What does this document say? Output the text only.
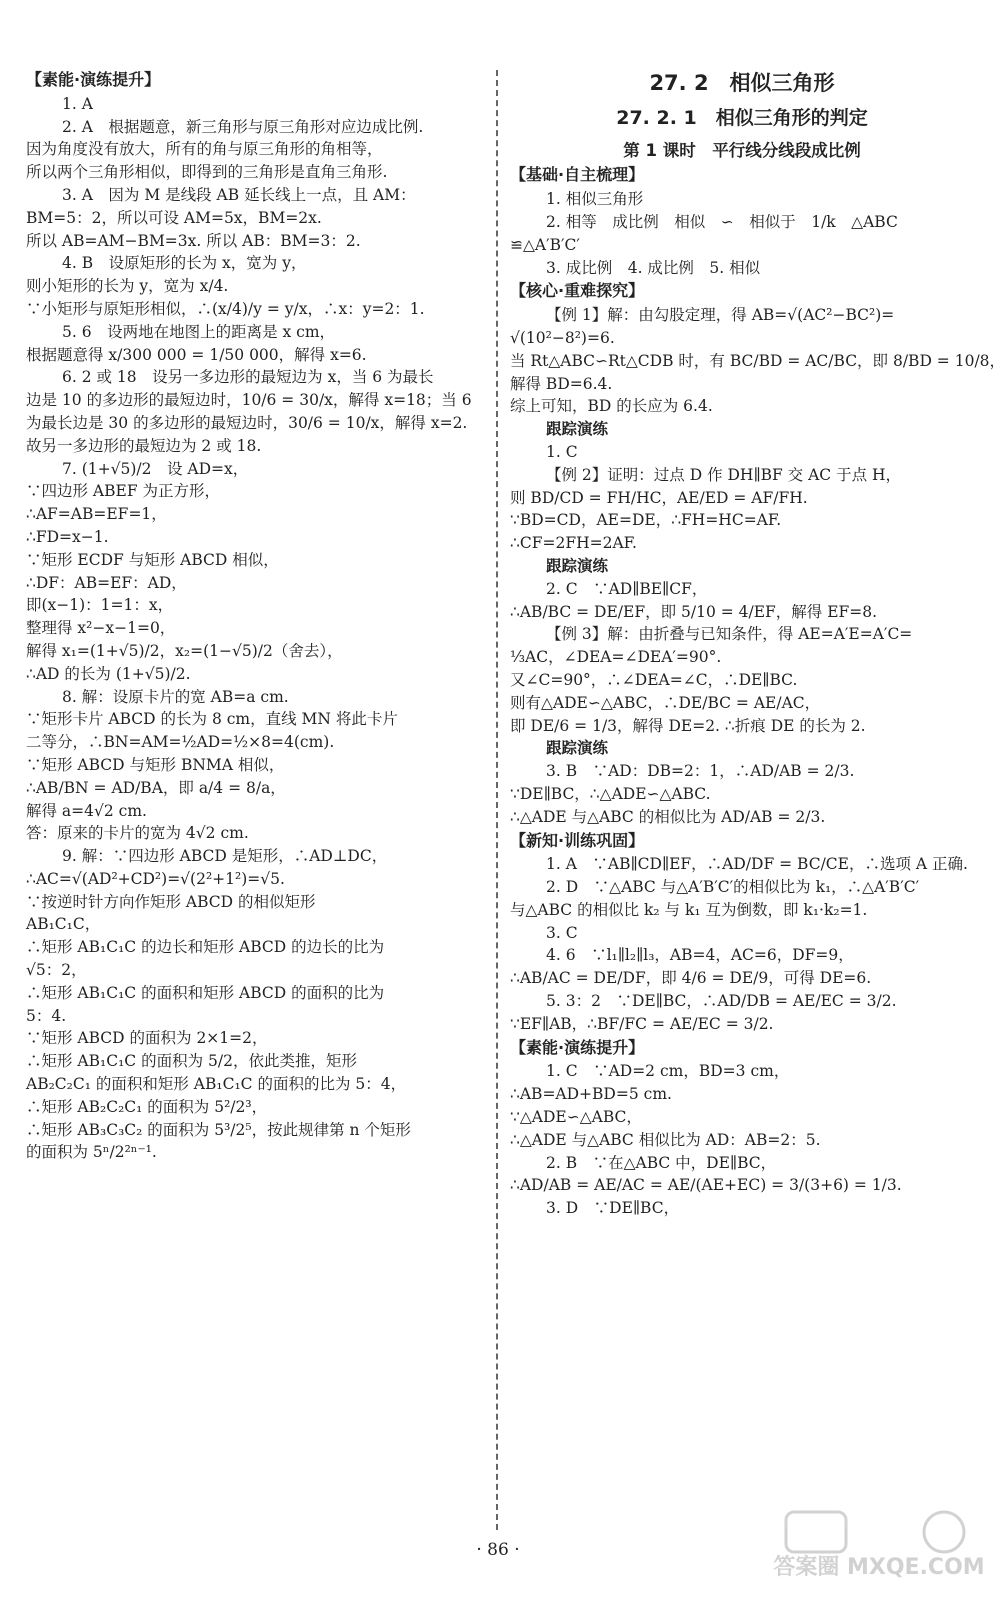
【素能·演练提升】
1. A
2. A　根据题意，新三角形与原三角形对应边成比例.
因为角度没有放大，所有的角与原三角形的角相等，
所以两个三角形相似，即得到的三角形是直角三角形.
3. A　因为 M 是线段 AB 延长线上一点，且 AM：
BM=5：2，所以可设 AM=5x，BM=2x.
所以 AB=AM−BM=3x. 所以 AB：BM=3：2.
4. B　设原矩形的长为 x，宽为 y，
则小矩形的长为 y，宽为 x/4.
∵小矩形与原矩形相似，∴(x/4)/y = y/x，∴x：y=2：1.
5. 6　设两地在地图上的距离是 x cm，
根据题意得 x/300 000 = 1/50 000，解得 x=6.
6. 2 或 18　设另一多边形的最短边为 x，当 6 为最长
边是 10 的多边形的最短边时，10/6 = 30/x，解得 x=18；当 6
为最长边是 30 的多边形的最短边时，30/6 = 10/x，解得 x=2.
故另一多边形的最短边为 2 或 18.
7. (1+√5)/2　设 AD=x，
∵四边形 ABEF 为正方形，
∴AF=AB=EF=1，
∴FD=x−1.
∵矩形 ECDF 与矩形 ABCD 相似，
∴DF：AB=EF：AD，
即(x−1)：1=1：x，
整理得 x²−x−1=0，
解得 x₁=(1+√5)/2，x₂=(1−√5)/2（舍去），
∴AD 的长为 (1+√5)/2.
8. 解：设原卡片的宽 AB=a cm.
∵矩形卡片 ABCD 的长为 8 cm，直线 MN 将此卡片
二等分，∴BN=AM=½AD=½×8=4(cm).
∵矩形 ABCD 与矩形 BNMA 相似，
∴AB/BN = AD/BA，即 a/4 = 8/a，
解得 a=4√2 cm.
答：原来的卡片的宽为 4√2 cm.
9. 解：∵四边形 ABCD 是矩形，∴AD⊥DC，
∴AC=√(AD²+CD²)=√(2²+1²)=√5.
∵按逆时针方向作矩形 ABCD 的相似矩形
AB₁C₁C，
∴矩形 AB₁C₁C 的边长和矩形 ABCD 的边长的比为
√5：2，
∴矩形 AB₁C₁C 的面积和矩形 ABCD 的面积的比为
5：4.
∵矩形 ABCD 的面积为 2×1=2，
∴矩形 AB₁C₁C 的面积为 5/2，依此类推，矩形
AB₂C₂C₁ 的面积和矩形 AB₁C₁C 的面积的比为 5：4，
∴矩形 AB₂C₂C₁ 的面积为 5²/2³，
∴矩形 AB₃C₃C₂ 的面积为 5³/2⁵，按此规律第 n 个矩形
的面积为 5ⁿ/2²ⁿ⁻¹.
27. 2　相似三角形
27. 2. 1　相似三角形的判定
第 1 课时　平行线分线段成比例
【基础·自主梳理】
1. 相似三角形
2. 相等　成比例　相似　∽　相似于　1/k　△ABC
≌△A′B′C′
3. 成比例　4. 成比例　5. 相似
【核心·重难探究】
【例 1】解：由勾股定理，得 AB=√(AC²−BC²)=
√(10²−8²)=6.
当 Rt△ABC∽Rt△CDB 时，有 BC/BD = AC/BC，即 8/BD = 10/8，
解得 BD=6.4.
综上可知，BD 的长应为 6.4.
跟踪演练
1. C
【例 2】证明：过点 D 作 DH∥BF 交 AC 于点 H，
则 BD/CD = FH/HC，AE/ED = AF/FH.
∵BD=CD，AE=DE，∴FH=HC=AF.
∴CF=2FH=2AF.
跟踪演练
2. C　∵AD∥BE∥CF，
∴AB/BC = DE/EF，即 5/10 = 4/EF，解得 EF=8.
【例 3】解：由折叠与已知条件，得 AE=A′E=A′C=
⅓AC，∠DEA=∠DEA′=90°.
又∠C=90°，∴∠DEA=∠C，∴DE∥BC.
则有△ADE∽△ABC，∴DE/BC = AE/AC，
即 DE/6 = 1/3，解得 DE=2. ∴折痕 DE 的长为 2.
跟踪演练
3. B　∵AD：DB=2：1，∴AD/AB = 2/3.
∵DE∥BC，∴△ADE∽△ABC.
∴△ADE 与△ABC 的相似比为 AD/AB = 2/3.
【新知·训练巩固】
1. A　∵AB∥CD∥EF，∴AD/DF = BC/CE，∴选项 A 正确.
2. D　∵△ABC 与△A′B′C′的相似比为 k₁，∴△A′B′C′
与△ABC 的相似比 k₂ 与 k₁ 互为倒数，即 k₁·k₂=1.
3. C
4. 6　∵l₁∥l₂∥l₃，AB=4，AC=6，DF=9，
∴AB/AC = DE/DF，即 4/6 = DE/9，可得 DE=6.
5. 3：2　∵DE∥BC，∴AD/DB = AE/EC = 3/2.
∵EF∥AB，∴BF/FC = AE/EC = 3/2.
【素能·演练提升】
1. C　∵AD=2 cm，BD=3 cm，
∴AB=AD+BD=5 cm.
∵△ADE∽△ABC，
∴△ADE 与△ABC 相似比为 AD：AB=2：5.
2. B　∵在△ABC 中，DE∥BC，
∴AD/AB = AE/AC = AE/(AE+EC) = 3/(3+6) = 1/3.
3. D　∵DE∥BC，
· 86 ·
答案圈 MXQE.COM
